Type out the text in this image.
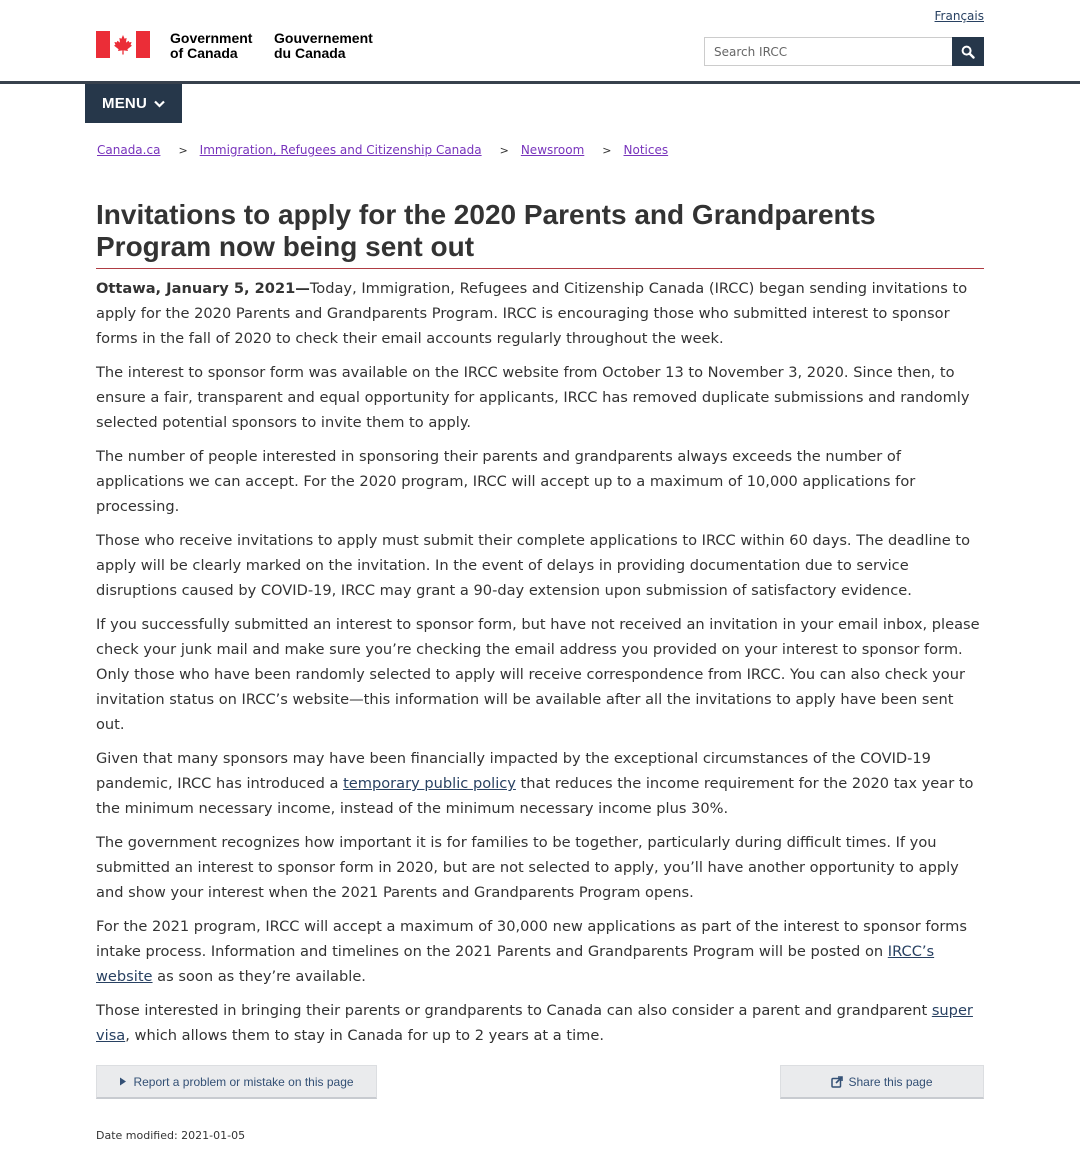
Français
Government
of Canada
Gouvernement
du Canada
Search IRCC
MENU
Canada.ca > Immigration, Refugees and Citizenship Canada > Newsroom > Notices
Invitations to apply for the 2020 Parents and Grandparents Program now being sent out

Ottawa, January 5, 2021—Today, Immigration, Refugees and Citizenship Canada (IRCC) began sending invitations to apply for the 2020 Parents and Grandparents Program. IRCC is encouraging those who submitted interest to sponsor forms in the fall of 2020 to check their email accounts regularly throughout the week.

The interest to sponsor form was available on the IRCC website from October 13 to November 3, 2020. Since then, to ensure a fair, transparent and equal opportunity for applicants, IRCC has removed duplicate submissions and randomly selected potential sponsors to invite them to apply.

The number of people interested in sponsoring their parents and grandparents always exceeds the number of applications we can accept. For the 2020 program, IRCC will accept up to a maximum of 10,000 applications for processing.

Those who receive invitations to apply must submit their complete applications to IRCC within 60 days. The deadline to apply will be clearly marked on the invitation. In the event of delays in providing documentation due to service disruptions caused by COVID-19, IRCC may grant a 90-day extension upon submission of satisfactory evidence.

If you successfully submitted an interest to sponsor form, but have not received an invitation in your email inbox, please check your junk mail and make sure you’re checking the email address you provided on your interest to sponsor form. Only those who have been randomly selected to apply will receive correspondence from IRCC. You can also check your invitation status on IRCC’s website—this information will be available after all the invitations to apply have been sent out.

Given that many sponsors may have been financially impacted by the exceptional circumstances of the COVID-19 pandemic, IRCC has introduced a temporary public policy that reduces the income requirement for the 2020 tax year to the minimum necessary income, instead of the minimum necessary income plus 30%.

The government recognizes how important it is for families to be together, particularly during difficult times. If you submitted an interest to sponsor form in 2020, but are not selected to apply, you’ll have another opportunity to apply and show your interest when the 2021 Parents and Grandparents Program opens.

For the 2021 program, IRCC will accept a maximum of 30,000 new applications as part of the interest to sponsor forms intake process. Information and timelines on the 2021 Parents and Grandparents Program will be posted on IRCC’s website as soon as they’re available.

Those interested in bringing their parents or grandparents to Canada can also consider a parent and grandparent super visa, which allows them to stay in Canada for up to 2 years at a time.

Report a problem or mistake on this page	Share this page
Date modified: 2021-01-05
